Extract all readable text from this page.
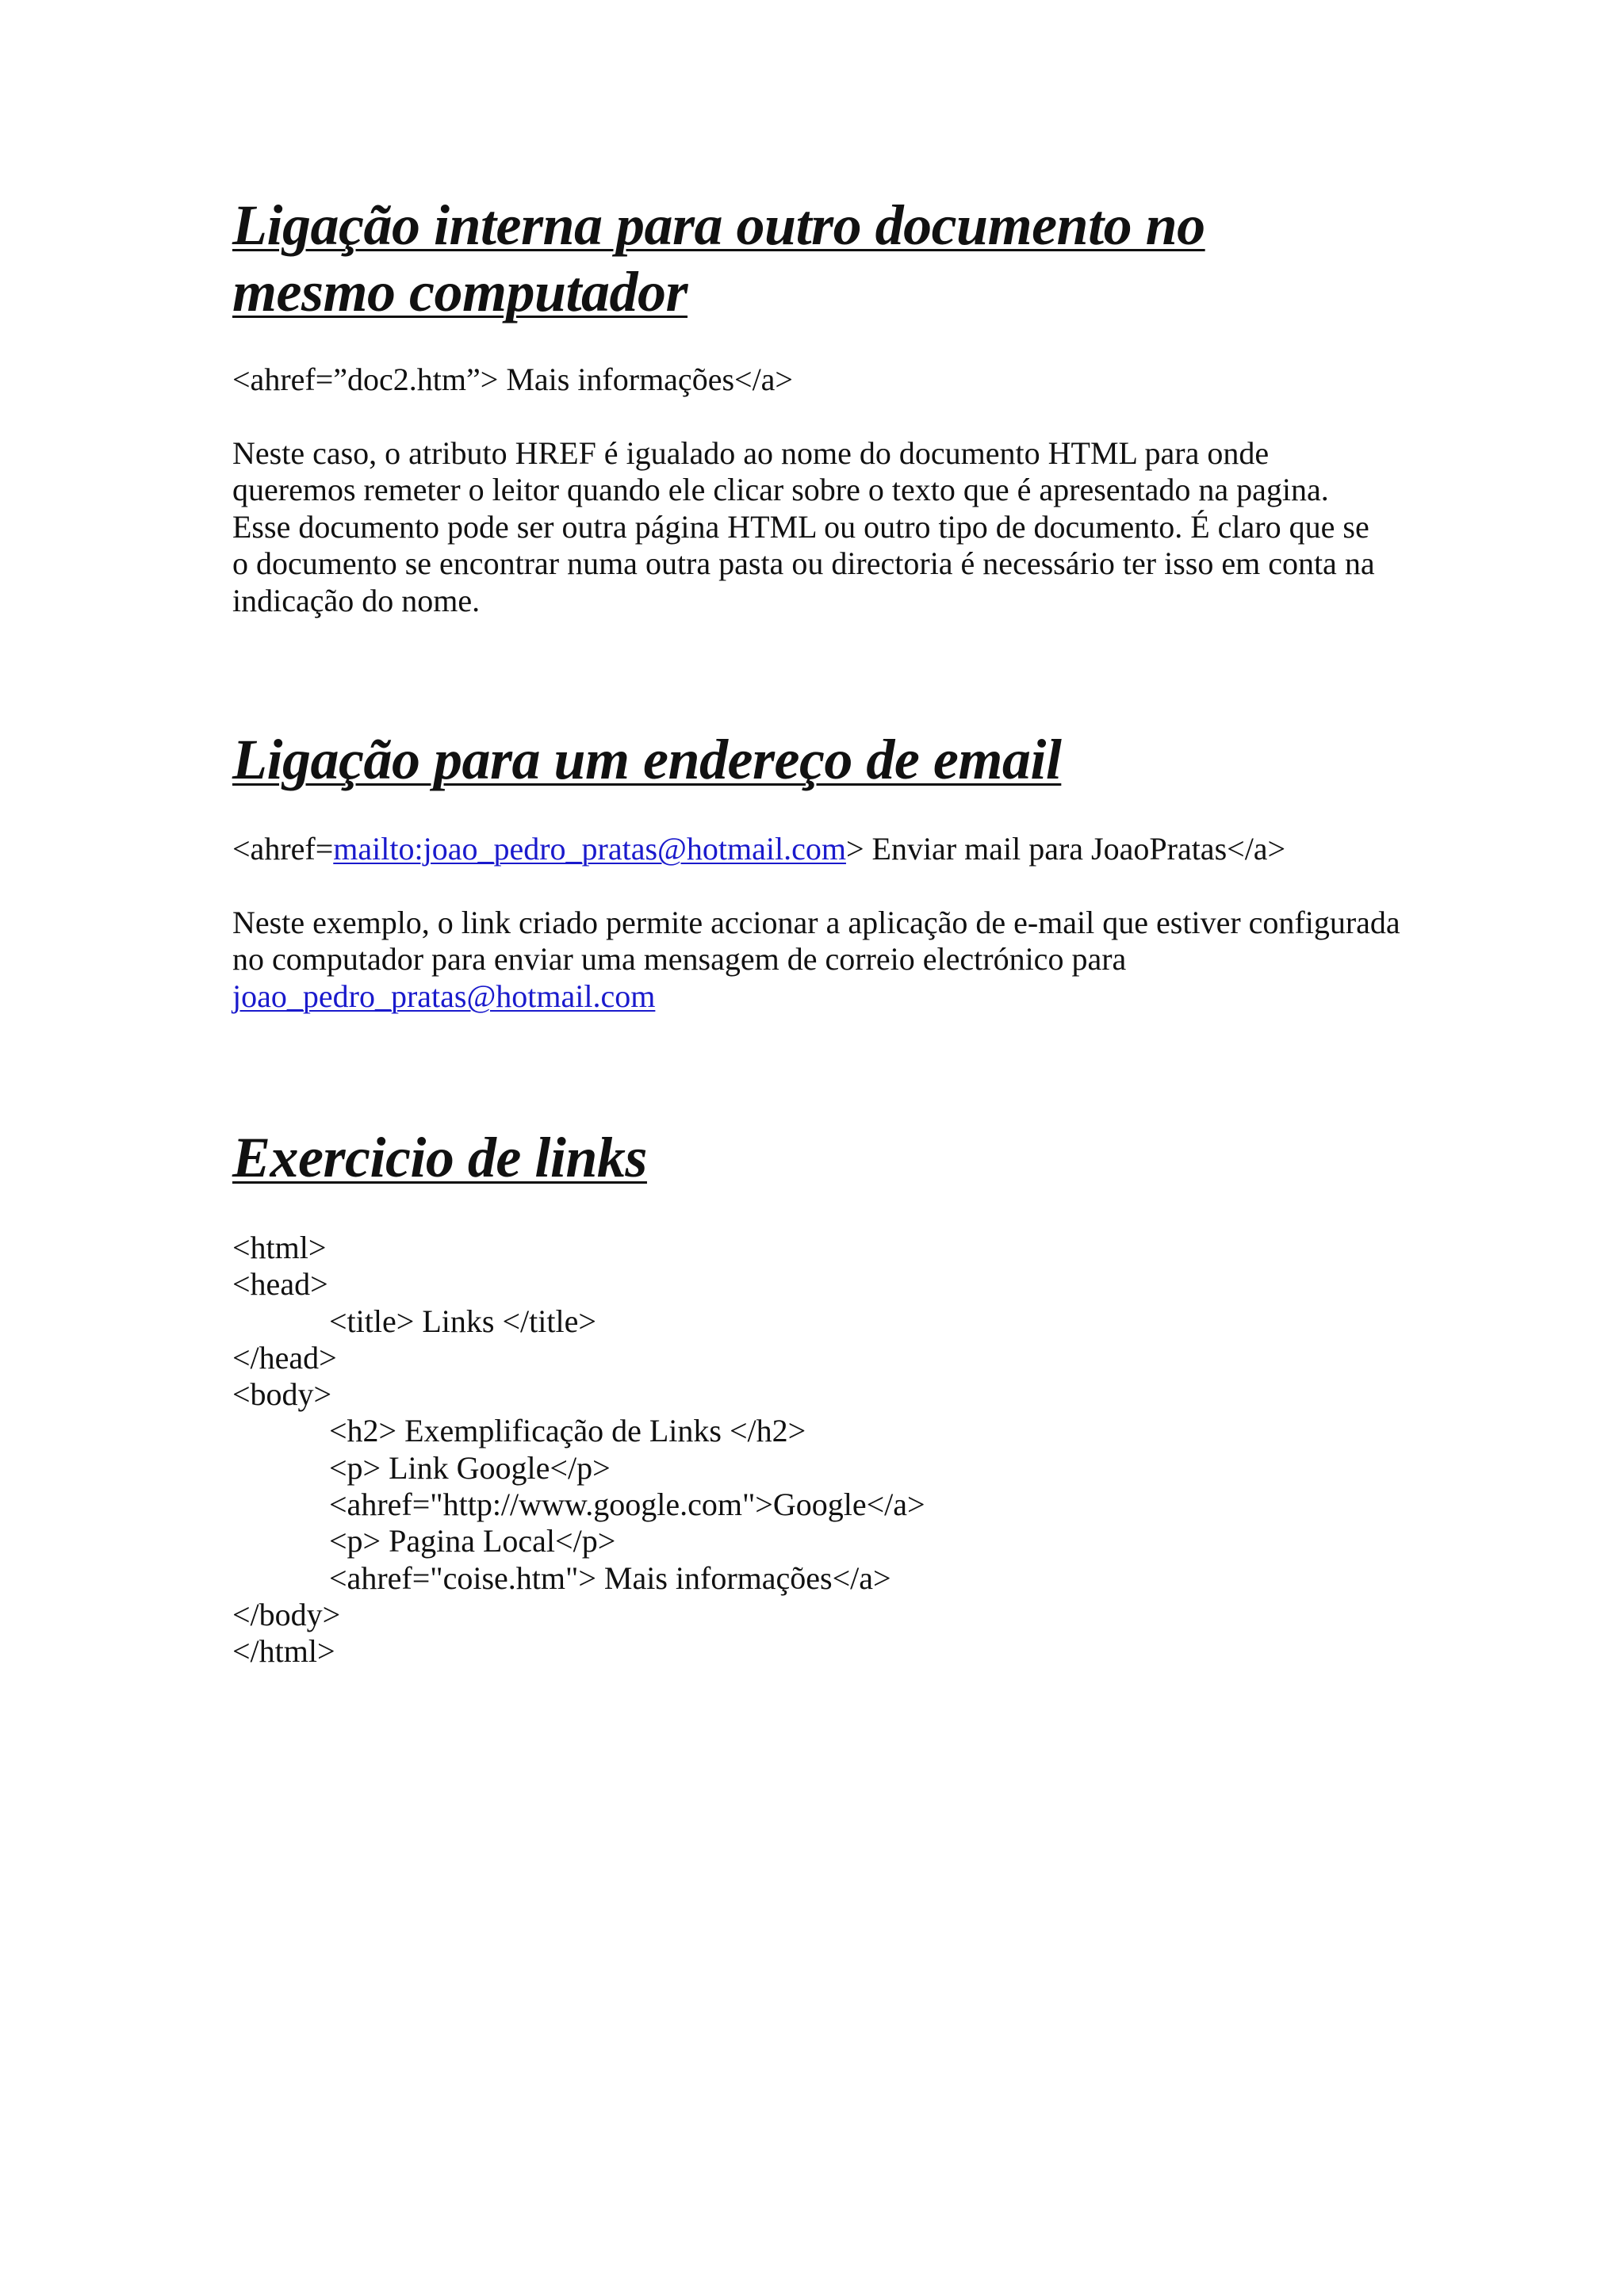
Ligação interna para outro documento no
mesmo computador

<ahref=”doc2.htm”> Mais informações</a>

Neste caso, o atributo HREF é igualado ao nome do documento HTML para onde
queremos remeter o leitor quando ele clicar sobre o texto que é apresentado na pagina.
Esse documento pode ser outra página HTML ou outro tipo de documento. É claro que se
o documento se encontrar numa outra pasta ou directoria é necessário ter isso em conta na
indicação do nome.

Ligação para um endereço de email

<ahref=mailto:joao_pedro_pratas@hotmail.com> Enviar mail para JoaoPratas</a>

Neste exemplo, o link criado permite accionar a aplicação de e-mail que estiver configurada
no computador para enviar uma mensagem de correio electrónico para
joao_pedro_pratas@hotmail.com

Exercicio de links
<html>
<head>
<title> Links </title>
</head>
<body>
<h2> Exemplificação de Links </h2>
<p> Link Google</p>
<ahref="http://www.google.com">Google</a>
<p> Pagina Local</p>
<ahref="coise.htm"> Mais informações</a>
</body>
</html>
